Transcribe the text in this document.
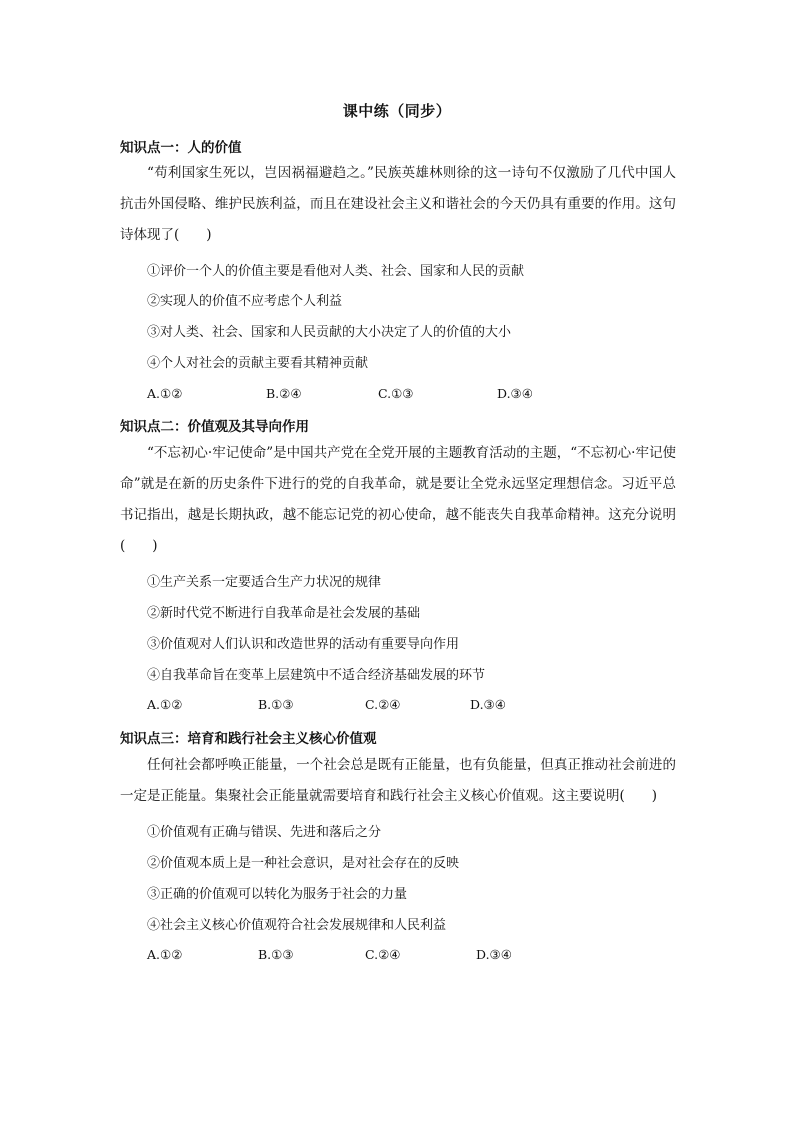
课中练（同步）
知识点一：人的价值

“苟利国家生死以，岂因祸福避趋之。”民族英雄林则徐的这一诗句不仅激励了几代中国人抗击外国侵略、维护民族利益，而且在建设社会主义和谐社会的今天仍具有重要的作用。这句诗体现了(　　)

①评价一个人的价值主要是看他对人类、社会、国家和人民的贡献
②实现人的价值不应考虑个人利益
③对人类、社会、国家和人民贡献的大小决定了人的价值的大小
④个人对社会的贡献主要看其精神贡献
A.①②	B.②④	C.①③	D.③④
知识点二：价值观及其导向作用

“不忘初心·牢记使命”是中国共产党在全党开展的主题教育活动的主题，“不忘初心·牢记使命”就是在新的历史条件下进行的党的自我革命，就是要让全党永远坚定理想信念。习近平总书记指出，越是长期执政，越不能忘记党的初心使命，越不能丧失自我革命精神。这充分说明(　　)

①生产关系一定要适合生产力状况的规律
②新时代党不断进行自我革命是社会发展的基础
③价值观对人们认识和改造世界的活动有重要导向作用
④自我革命旨在变革上层建筑中不适合经济基础发展的环节
A.①②	B.①③	C.②④	D.③④
知识点三：培育和践行社会主义核心价值观

任何社会都呼唤正能量，一个社会总是既有正能量，也有负能量，但真正推动社会前进的一定是正能量。集聚社会正能量就需要培育和践行社会主义核心价值观。这主要说明(　　)

①价值观有正确与错误、先进和落后之分
②价值观本质上是一种社会意识，是对社会存在的反映
③正确的价值观可以转化为服务于社会的力量
④社会主义核心价值观符合社会发展规律和人民利益
A.①②	B.①③	C.②④	D.③④
